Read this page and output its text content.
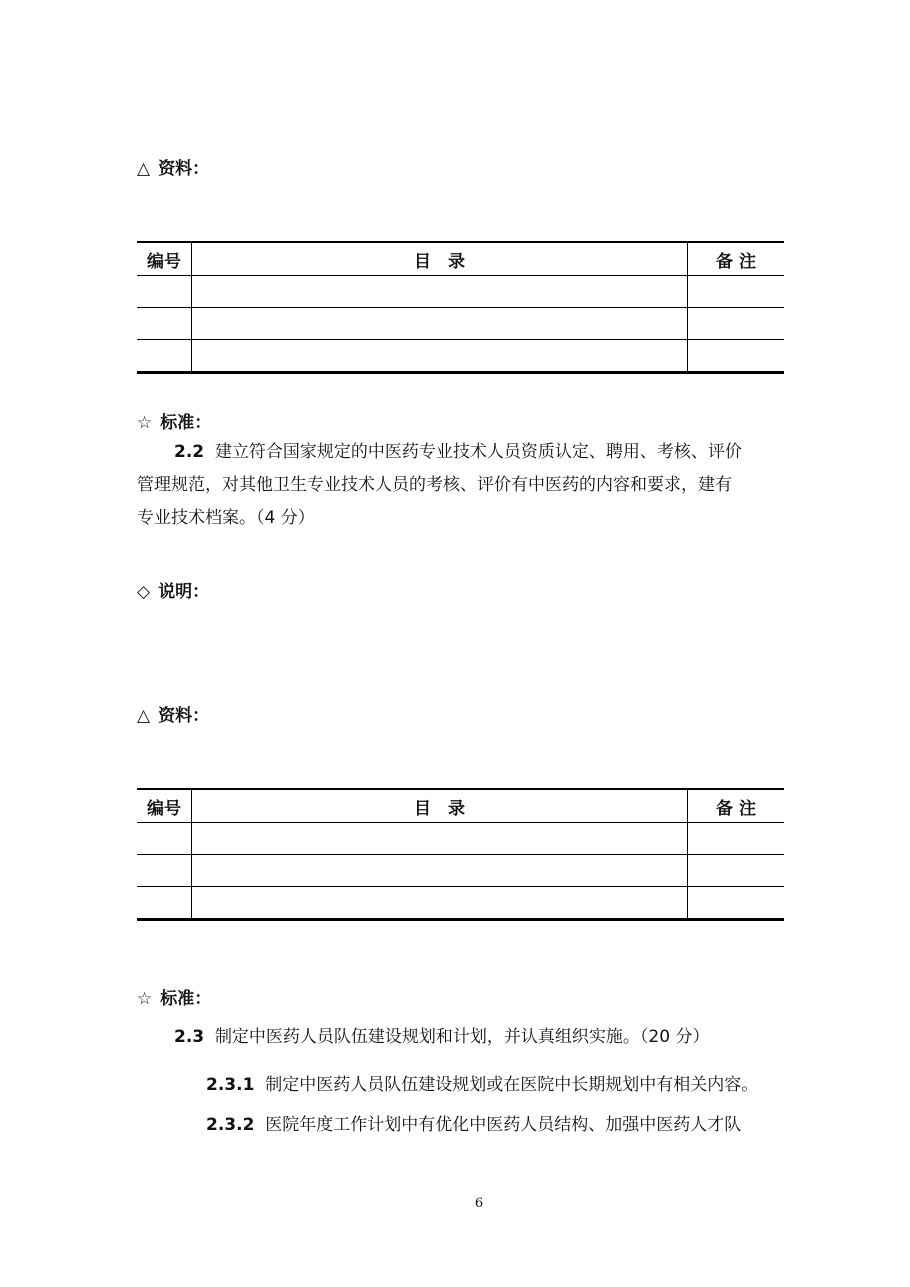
△ 资料：
编号	目　录	备 注

☆ 标准：
2.2 建立符合国家规定的中医药专业技术人员资质认定、聘用、考核、评价
管理规范，对其他卫生专业技术人员的考核、评价有中医药的内容和要求，建有
专业技术档案。（4 分）
◇ 说明：
△ 资料：
编号	目　录	备 注

☆ 标准：
2.3 制定中医药人员队伍建设规划和计划，并认真组织实施。（20 分）
2.3.1 制定中医药人员队伍建设规划或在医院中长期规划中有相关内容。
2.3.2 医院年度工作计划中有优化中医药人员结构、加强中医药人才队
6
